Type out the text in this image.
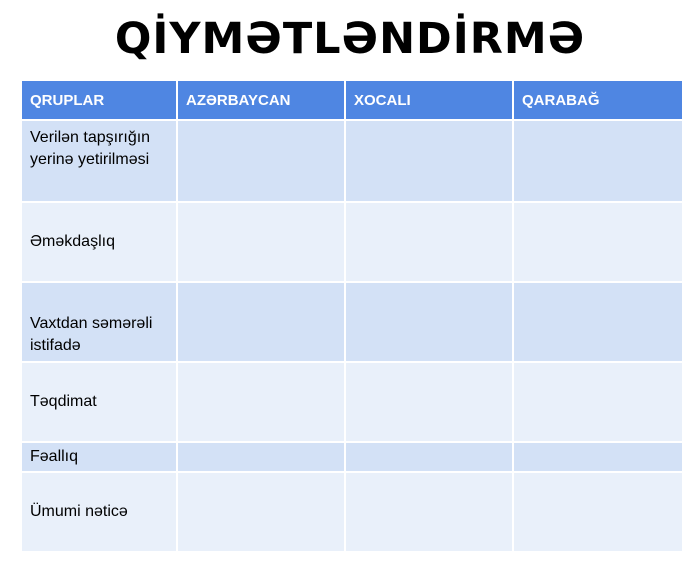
QİYMƏTLƏNDİRMƏ
QRUPLAR	AZƏRBAYCAN	XOCALI	QARABAĞ
Verilən tapşırığın yerinə yetirilməsi			
Əməkdaşlıq			
Vaxtdan səmərəli istifadə			
Təqdimat			
Fəallıq			
Ümumi nəticə			
